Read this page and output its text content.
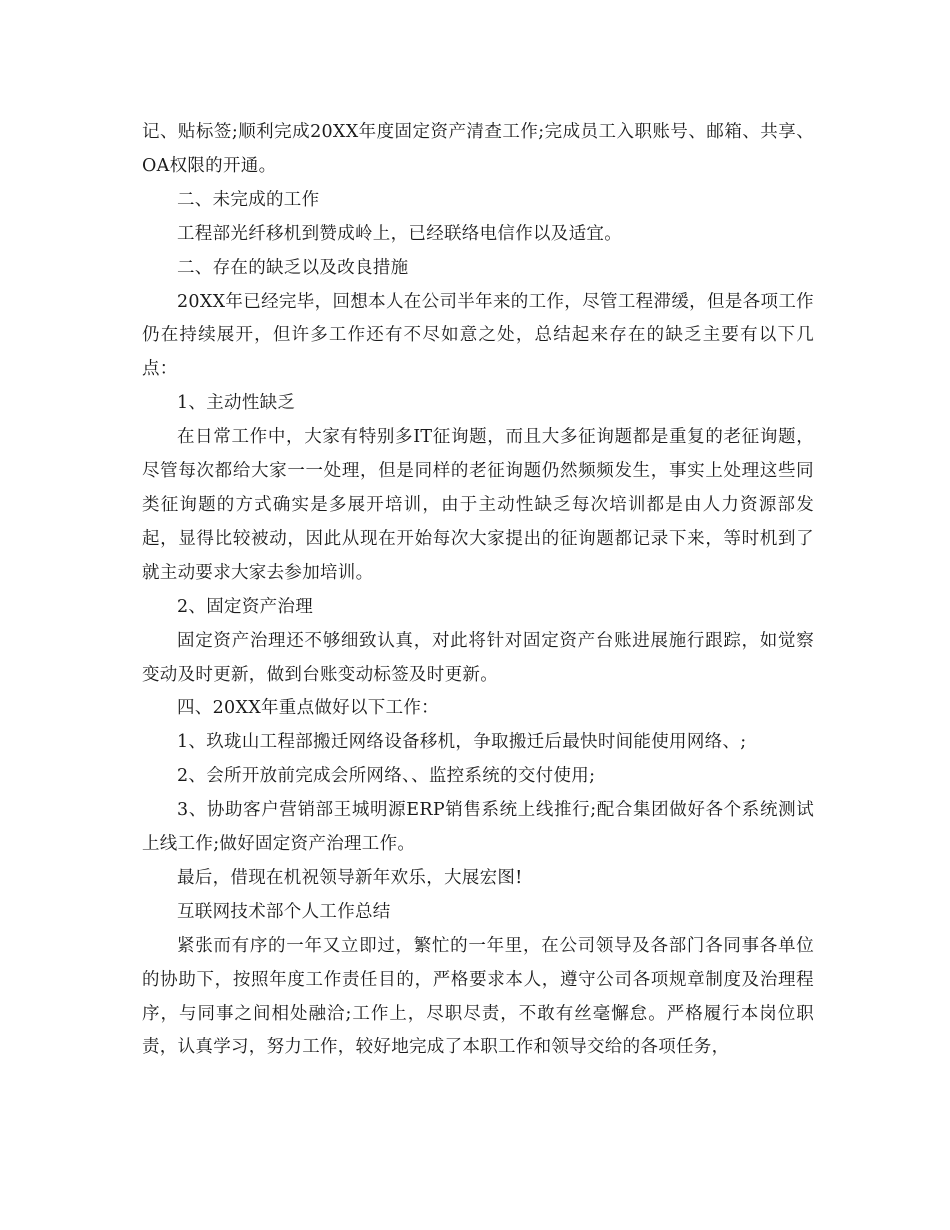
记、贴标签;顺利完成20XX年度固定资产清查工作;完成员工入职账号、邮箱、共享、OA权限的开通。

二、未完成的工作

工程部光纤移机到赞成岭上，已经联络电信作以及适宜。

二、存在的缺乏以及改良措施

20XX年已经完毕，回想本人在公司半年来的工作，尽管工程滞缓，但是各项工作仍在持续展开，但许多工作还有不尽如意之处，总结起来存在的缺乏主要有以下几点：

1、主动性缺乏

在日常工作中，大家有特别多IT征询题，而且大多征询题都是重复的老征询题，尽管每次都给大家一一处理，但是同样的老征询题仍然频频发生，事实上处理这些同类征询题的方式确实是多展开培训，由于主动性缺乏每次培训都是由人力资源部发起，显得比较被动，因此从现在开始每次大家提出的征询题都记录下来，等时机到了就主动要求大家去参加培训。

2、固定资产治理

固定资产治理还不够细致认真，对此将针对固定资产台账进展施行跟踪，如觉察变动及时更新，做到台账变动标签及时更新。

四、20XX年重点做好以下工作：

1、玖珑山工程部搬迁网络设备移机，争取搬迁后最快时间能使用网络、;

2、会所开放前完成会所网络、、监控系统的交付使用;

3、协助客户营销部王城明源ERP销售系统上线推行;配合集团做好各个系统测试上线工作;做好固定资产治理工作。

最后，借现在机祝领导新年欢乐，大展宏图!

互联网技术部个人工作总结

紧张而有序的一年又立即过，繁忙的一年里，在公司领导及各部门各同事各单位的协助下，按照年度工作责任目的，严格要求本人，遵守公司各项规章制度及治理程序，与同事之间相处融洽;工作上，尽职尽责，不敢有丝毫懈怠。严格履行本岗位职责，认真学习，努力工作，较好地完成了本职工作和领导交给的各项任务，
